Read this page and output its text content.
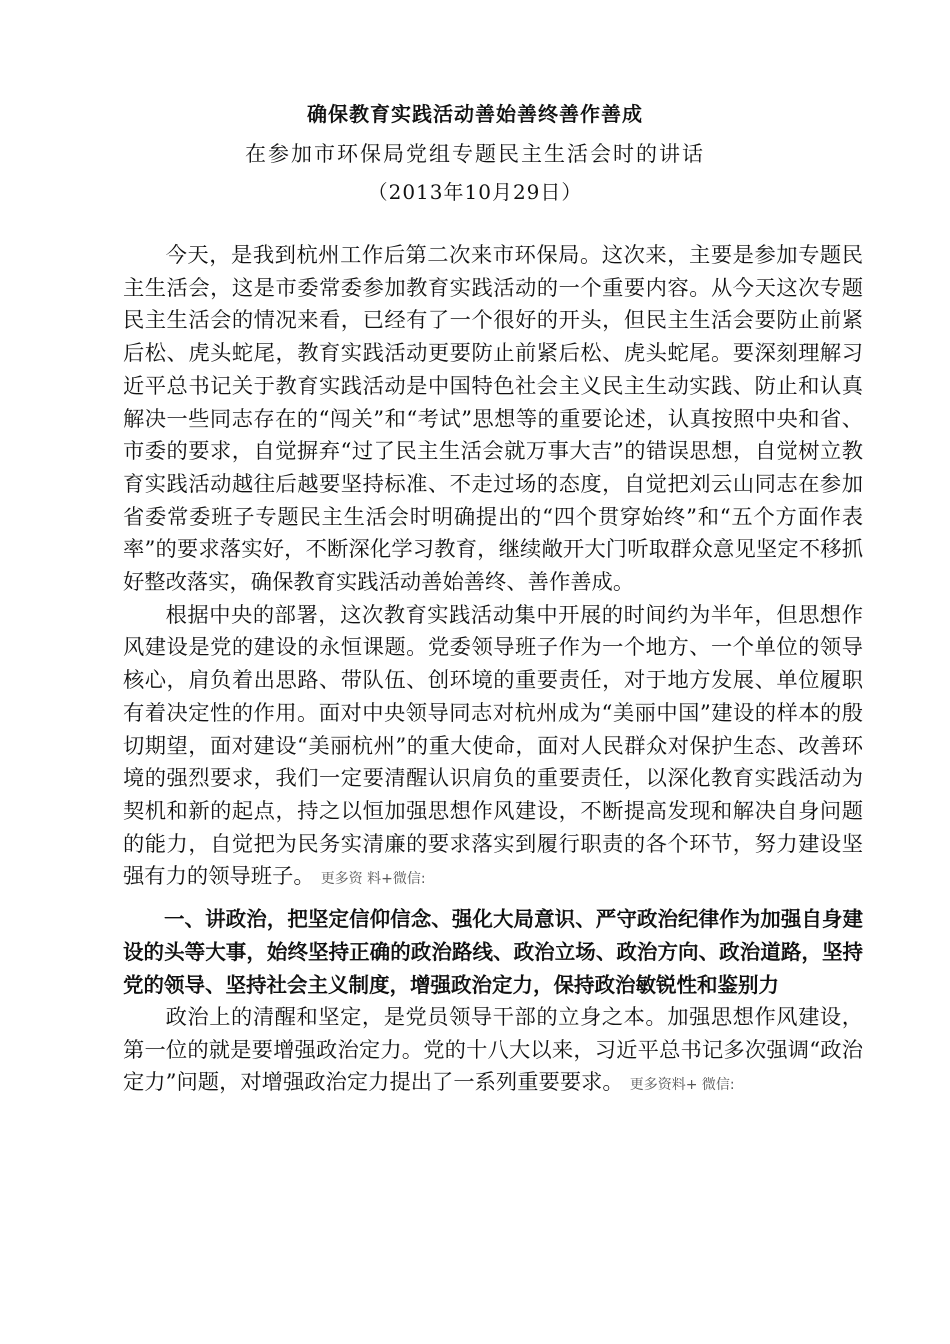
确保教育实践活动善始善终善作善成
在参加市环保局党组专题民主生活会时的讲话
（2013年10月29日）

今天，是我到杭州工作后第二次来市环保局。这次来，主要是参加专题民主生活会，这是市委常委参加教育实践活动的一个重要内容。从今天这次专题民主生活会的情况来看，已经有了一个很好的开头，但民主生活会要防止前紧后松、虎头蛇尾，教育实践活动更要防止前紧后松、虎头蛇尾。要深刻理解习近平总书记关于教育实践活动是中国特色社会主义民主生动实践、防止和认真解决一些同志存在的“闯关”和“考试”思想等的重要论述，认真按照中央和省、市委的要求，自觉摒弃“过了民主生活会就万事大吉”的错误思想，自觉树立教育实践活动越往后越要坚持标准、不走过场的态度，自觉把刘云山同志在参加省委常委班子专题民主生活会时明确提出的“四个贯穿始终”和“五个方面作表率”的要求落实好，不断深化学习教育，继续敞开大门听取群众意见坚定不移抓好整改落实，确保教育实践活动善始善终、善作善成。

根据中央的部署，这次教育实践活动集中开展的时间约为半年，但思想作风建设是党的建设的永恒课题。党委领导班子作为一个地方、一个单位的领导核心，肩负着出思路、带队伍、创环境的重要责任，对于地方发展、单位履职有着决定性的作用。面对中央领导同志对杭州成为“美丽中国”建设的样本的殷切期望，面对建设“美丽杭州”的重大使命，面对人民群众对保护生态、改善环境的强烈要求，我们一定要清醒认识肩负的重要责任，以深化教育实践活动为契机和新的起点，持之以恒加强思想作风建设，不断提高发现和解决自身问题的能力，自觉把为民务实清廉的要求落实到履行职责的各个环节，努力建设坚强有力的领导班子。 更多资 料+微信:

一、讲政治，把坚定信仰信念、强化大局意识、严守政治纪律作为加强自身建设的头等大事，始终坚持正确的政治路线、政治立场、政治方向、政治道路，坚持党的领导、坚持社会主义制度，增强政治定力，保持政治敏锐性和鉴别力

政治上的清醒和坚定，是党员领导干部的立身之本。加强思想作风建设，第一位的就是要增强政治定力。党的十八大以来，习近平总书记多次强调“政治定力”问题，对增强政治定力提出了一系列重要要求。 更多资料+ 微信:
